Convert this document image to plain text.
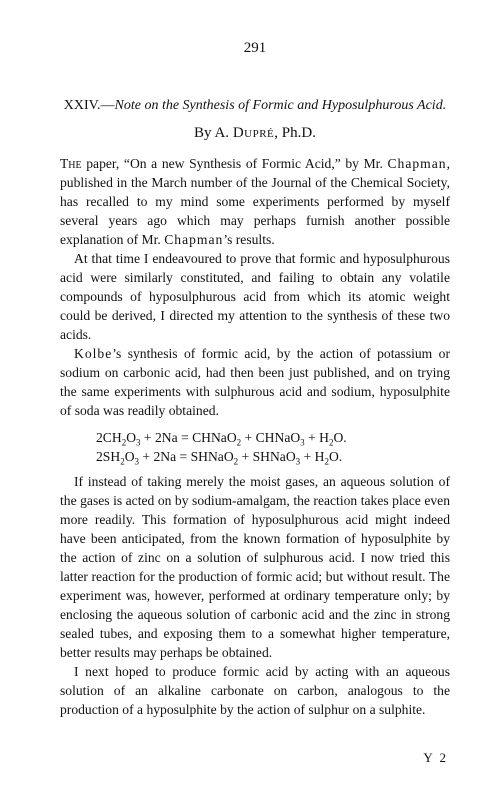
291

XXIV.—Note on the Synthesis of Formic and Hyposulphurous Acid.

By A. Dupré, Ph.D.

The paper, “On a new Synthesis of Formic Acid,” by Mr. Chapman, published in the March number of the Journal of the Chemical Society, has recalled to my mind some experiments performed by myself several years ago which may perhaps furnish another possible explanation of Mr. Chapman’s results.

At that time I endeavoured to prove that formic and hyposulphurous acid were similarly constituted, and failing to obtain any volatile compounds of hyposulphurous acid from which its atomic weight could be derived, I directed my attention to the synthesis of these two acids.

Kolbe’s synthesis of formic acid, by the action of potassium or sodium on carbonic acid, had then been just published, and on trying the same experiments with sulphurous acid and sodium, hyposulphite of soda was readily obtained.

$2CH_2O_3 + 2Na$ = CHNaO$_2$ + CHNaO$_3$ + $H_2O$.
$2SH_2O_3 + 2Na$ = SHNaO$_2$ + SHNaO$_3$ + $H_2O$.

If instead of taking merely the moist gases, an aqueous solution of the gases is acted on by sodium-amalgam, the reaction takes place even more readily. This formation of hyposulphurous acid might indeed have been anticipated, from the known formation of hyposulphite by the action of zinc on a solution of sulphurous acid. I now tried this latter reaction for the production of formic acid; but without result. The experiment was, however, performed at ordinary temperature only; by enclosing the aqueous solution of carbonic acid and the zinc in strong sealed tubes, and exposing them to a somewhat higher temperature, better results may perhaps be obtained.

I next hoped to produce formic acid by acting with an aqueous solution of an alkaline carbonate on carbon, analogous to the production of a hyposulphite by the action of sulphur on a sulphite.

Y 2
